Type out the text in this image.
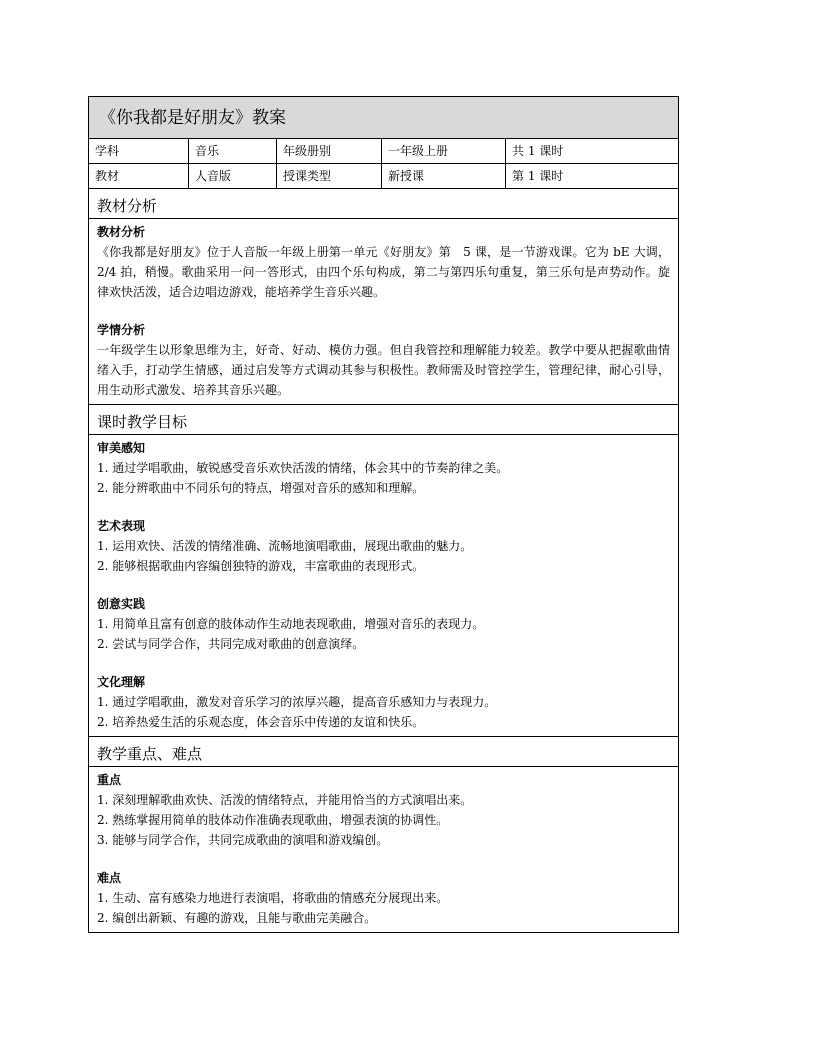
《你我都是好朋友》教案
学科	音乐	年级册别	一年级上册	共 1 课时
教材	人音版	授课类型	新授课	第 1 课时
教材分析
教材分析
《你我都是好朋友》位于人音版一年级上册第一单元《好朋友》第　5 课，是一节游戏课。它为 bE 大调，2/4 拍，稍慢。歌曲采用一问一答形式，由四个乐句构成，第二与第四乐句重复，第三乐句是声势动作。旋律欢快活泼，适合边唱边游戏，能培养学生音乐兴趣。
学情分析
一年级学生以形象思维为主，好奇、好动、模仿力强。但自我管控和理解能力较差。教学中要从把握歌曲情绪入手，打动学生情感，通过启发等方式调动其参与积极性。教师需及时管控学生，管理纪律，耐心引导，用生动形式激发、培养其音乐兴趣。
课时教学目标
审美感知
1. 通过学唱歌曲，敏锐感受音乐欢快活泼的情绪，体会其中的节奏韵律之美。
2. 能分辨歌曲中不同乐句的特点，增强对音乐的感知和理解。
艺术表现
1. 运用欢快、活泼的情绪准确、流畅地演唱歌曲，展现出歌曲的魅力。
2. 能够根据歌曲内容编创独特的游戏，丰富歌曲的表现形式。
创意实践
1. 用简单且富有创意的肢体动作生动地表现歌曲，增强对音乐的表现力。
2. 尝试与同学合作，共同完成对歌曲的创意演绎。
文化理解
1. 通过学唱歌曲，激发对音乐学习的浓厚兴趣，提高音乐感知力与表现力。
2. 培养热爱生活的乐观态度，体会音乐中传递的友谊和快乐。
教学重点、难点
重点
1. 深刻理解歌曲欢快、活泼的情绪特点，并能用恰当的方式演唱出来。
2. 熟练掌握用简单的肢体动作准确表现歌曲，增强表演的协调性。
3. 能够与同学合作，共同完成歌曲的演唱和游戏编创。
难点
1. 生动、富有感染力地进行表演唱，将歌曲的情感充分展现出来。
2. 编创出新颖、有趣的游戏，且能与歌曲完美融合。
